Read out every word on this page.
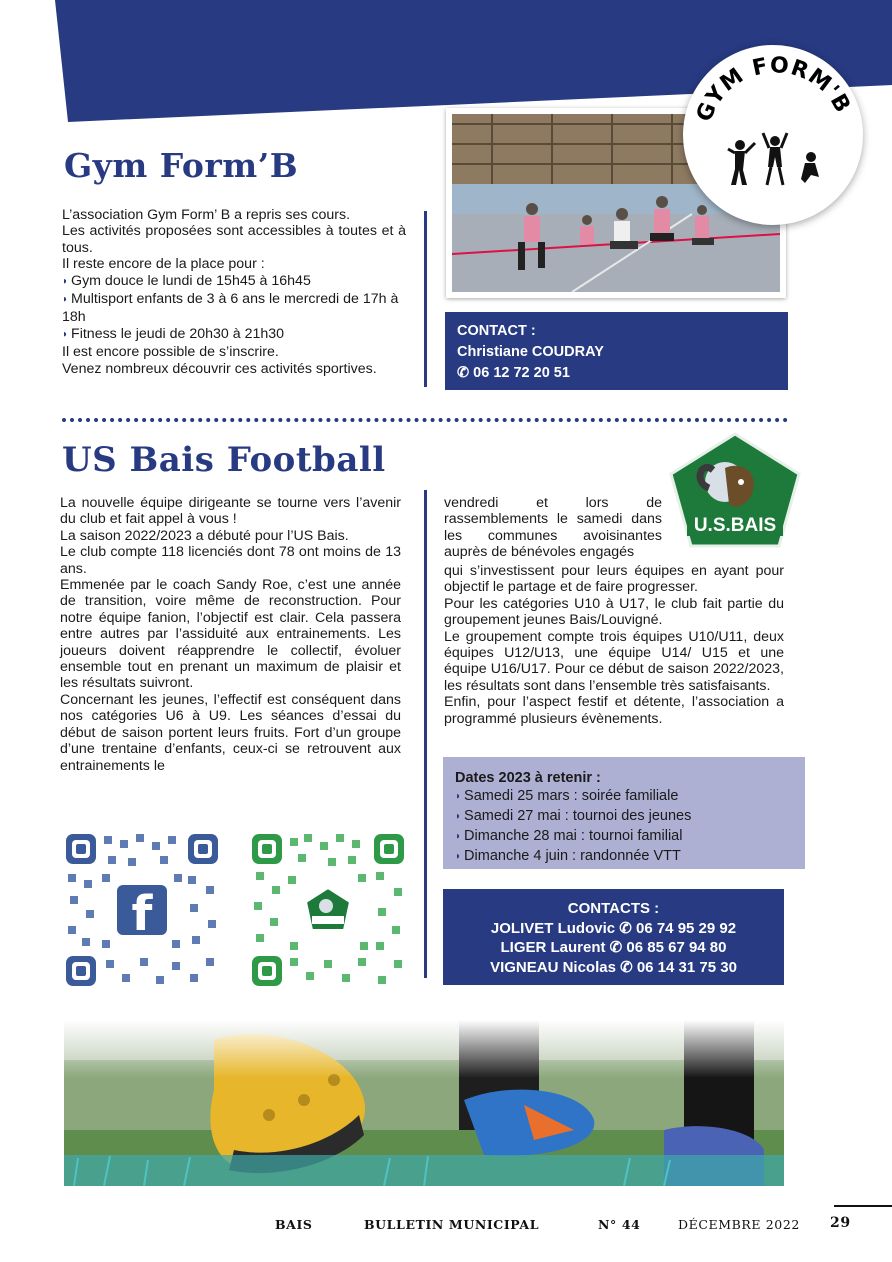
Gym Form’B

L’association Gym Form’ B a repris ses cours.

Les activités proposées sont accessibles à toutes et à tous.

Il reste encore de la place pour :

◗ Gym douce le lundi de 15h45 à 16h45

◗ Multisport enfants de 3 à 6 ans le mercredi de 17h à 18h

◗ Fitness le jeudi de 20h30 à 21h30

Il est encore possible de s’inscrire.

Venez nombreux découvrir ces activités sportives.

GYM FORM'B
CONTACT :
Christiane COUDRAY
✆ 06 12 72 20 51
US Bais Football

La nouvelle équipe dirigeante se tourne vers l’avenir du club et fait appel à vous !

La saison 2022/2023 a débuté pour l’US Bais.

Le club compte 118 licenciés dont 78 ont moins de 13 ans.

Emmenée par le coach Sandy Roe, c’est une année de transition, voire même de reconstruction. Pour notre équipe fanion, l’objectif est clair. Cela passera entre autres par l’assiduité aux entrainements. Les joueurs doivent réapprendre le collectif, évoluer ensemble tout en prenant un maximum de plaisir et les résultats suivront.

Concernant les jeunes, l’effectif est conséquent dans nos catégories U6 à U9. Les séances d’essai du début de saison portent leurs fruits. Fort d’un groupe d’une trentaine d’enfants, ceux-ci se retrouvent aux entrainements le

vendredi et lors de rassemblements le samedi dans les communes avoisinantes auprès de bénévoles engagés
U.S.BAIS

qui s’investissent pour leurs équipes en ayant pour objectif le partage et de faire progresser.

Pour les catégories U10 à U17, le club fait partie du groupement jeunes Bais/Louvigné.

Le groupement compte trois équipes U10/U11, deux équipes U12/U13, une équipe U14/ U15 et une équipe U16/U17. Pour ce début de saison 2022/2023, les résultats sont dans l’ensemble très satisfaisants.

Enfin, pour l’aspect festif et détente, l’association a programmé plusieurs évènements.

Dates 2023 à retenir :
◗ Samedi 25 mars : soirée familiale
◗ Samedi 27 mai : tournoi des jeunes
◗ Dimanche 28 mai : tournoi familial
◗ Dimanche 4 juin : randonnée VTT
CONTACTS :
JOLIVET Ludovic ✆ 06 74 95 29 92
LIGER Laurent ✆ 06 85 67 94 80
VIGNEAU Nicolas ✆ 06 14 31 75 30
f
BAIS	BULLETIN MUNICIPAL	N° 44	DÉCEMBRE 2022 29
